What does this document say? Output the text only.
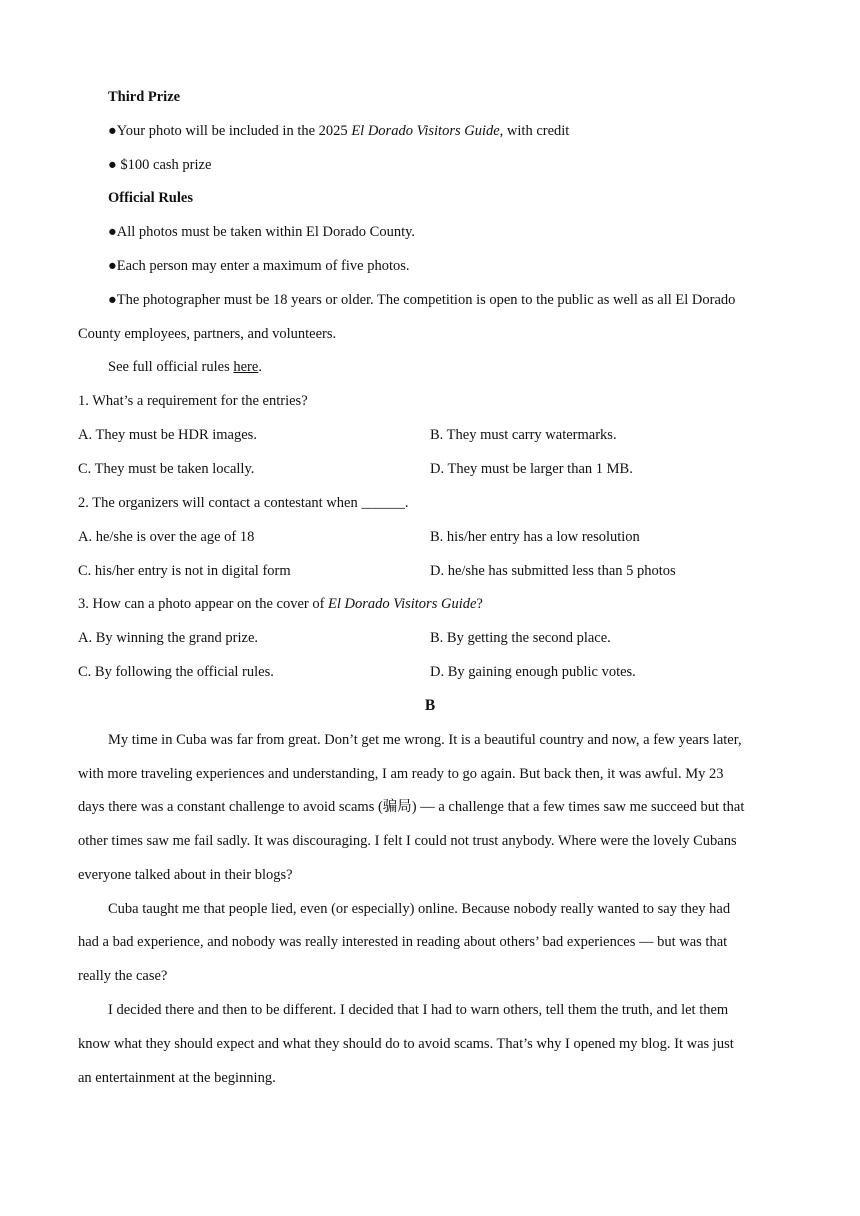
Third Prize
●Your photo will be included in the 2025 El Dorado Visitors Guide, with credit
● $100 cash prize
Official Rules
●All photos must be taken within El Dorado County.
●Each person may enter a maximum of five photos.
●The photographer must be 18 years or older. The competition is open to the public as well as all El Dorado
County employees, partners, and volunteers.
See full official rules here.
1. What’s a requirement for the entries?
A. They must be HDR images.	B. They must carry watermarks.
C. They must be taken locally.	D. They must be larger than 1 MB.
2. The organizers will contact a contestant when ______.
A. he/she is over the age of 18	B. his/her entry has a low resolution
C. his/her entry is not in digital form	D. he/she has submitted less than 5 photos
3. How can a photo appear on the cover of El Dorado Visitors Guide?
A. By winning the grand prize.	B. By getting the second place.
C. By following the official rules.	D. By gaining enough public votes.
B
My time in Cuba was far from great. Don’t get me wrong. It is a beautiful country and now, a few years later,
with more traveling experiences and understanding, I am ready to go again. But back then, it was awful. My 23
days there was a constant challenge to avoid scams (骗局) — a challenge that a few times saw me succeed but that
other times saw me fail sadly. It was discouraging. I felt I could not trust anybody. Where were the lovely Cubans
everyone talked about in their blogs?
Cuba taught me that people lied, even (or especially) online. Because nobody really wanted to say they had
had a bad experience, and nobody was really interested in reading about others’ bad experiences — but was that
really the case?
I decided there and then to be different. I decided that I had to warn others, tell them the truth, and let them
know what they should expect and what they should do to avoid scams. That’s why I opened my blog. It was just
an entertainment at the beginning.
